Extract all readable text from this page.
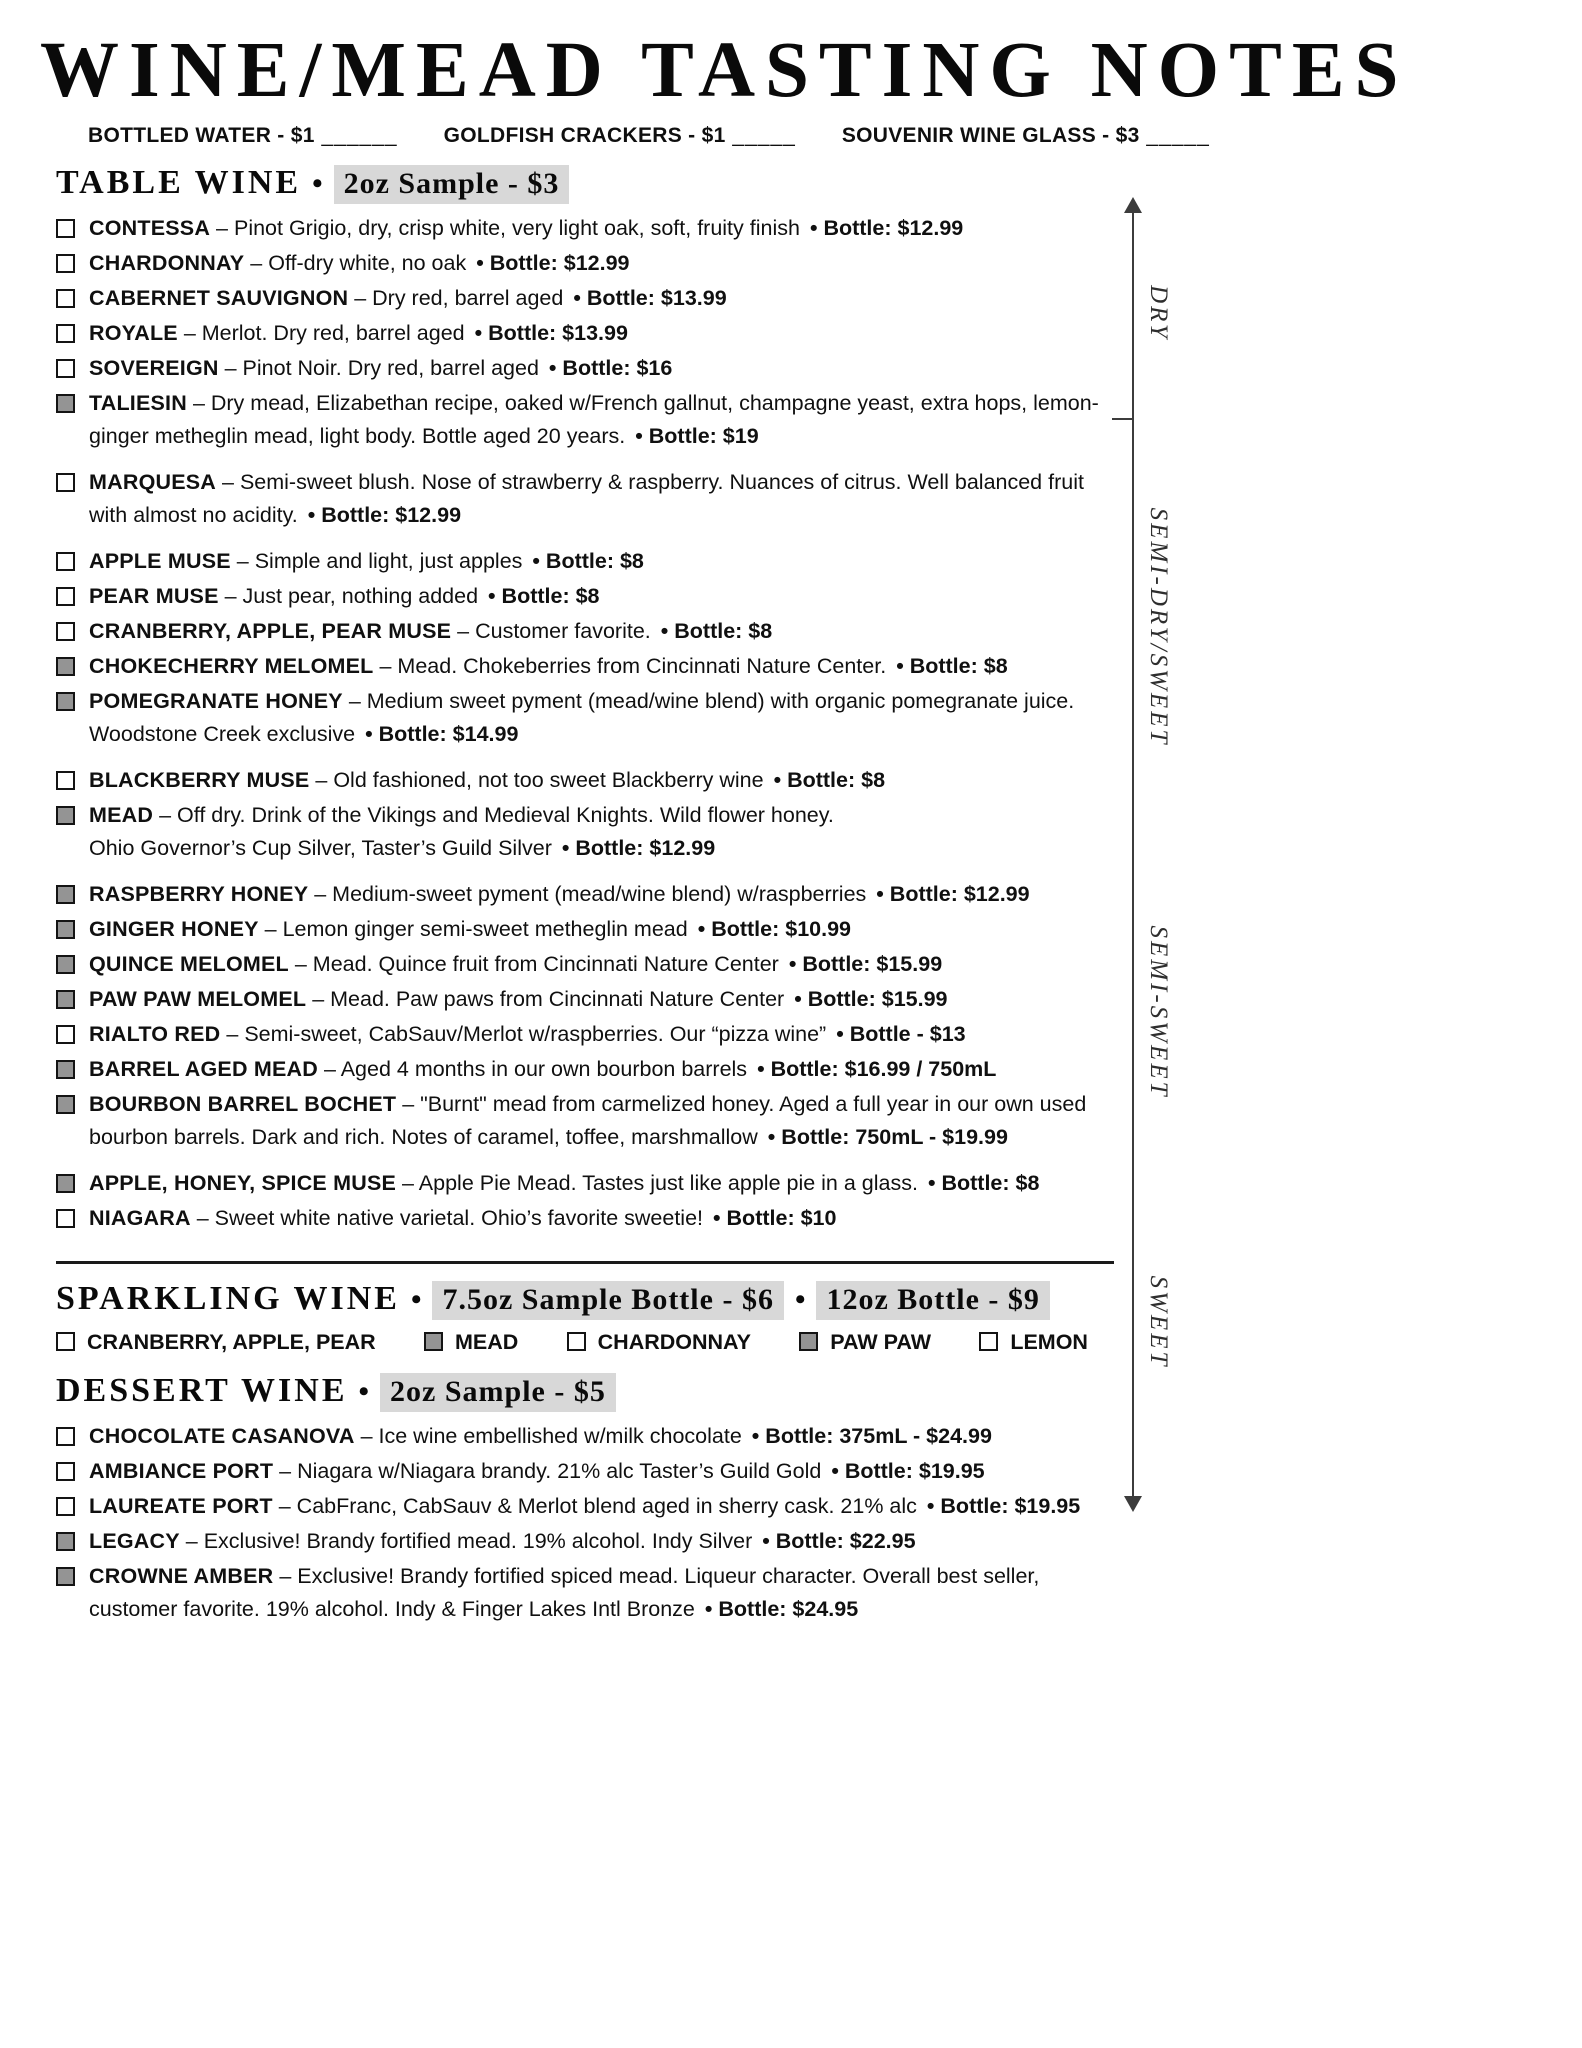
WINE/MEAD TASTING NOTES
BOTTLED WATER - $1 ______ GOLDFISH CRACKERS - $1 _____ SOUVENIR WINE GLASS - $3 _____
TABLE WINE • 2oz Sample - $3
CONTESSA – Pinot Grigio, dry, crisp white, very light oak, soft, fruity finish • Bottle: $12.99
CHARDONNAY – Off-dry white, no oak • Bottle: $12.99
CABERNET SAUVIGNON – Dry red, barrel aged • Bottle: $13.99
ROYALE – Merlot. Dry red, barrel aged • Bottle: $13.99
SOVEREIGN – Pinot Noir. Dry red, barrel aged • Bottle: $16
TALIESIN – Dry mead, Elizabethan recipe, oaked w/French gallnut, champagne yeast, extra hops, lemon-ginger metheglin mead, light body. Bottle aged 20 years. • Bottle: $19
MARQUESA – Semi-sweet blush. Nose of strawberry & raspberry. Nuances of citrus. Well balanced fruit with almost no acidity. • Bottle: $12.99
APPLE MUSE – Simple and light, just apples • Bottle: $8
PEAR MUSE – Just pear, nothing added • Bottle: $8
CRANBERRY, APPLE, PEAR MUSE – Customer favorite. • Bottle: $8
CHOKECHERRY MELOMEL – Mead. Chokeberries from Cincinnati Nature Center. • Bottle: $8
POMEGRANATE HONEY – Medium sweet pyment (mead/wine blend) with organic pomegranate juice.
Woodstone Creek exclusive • Bottle: $14.99
BLACKBERRY MUSE – Old fashioned, not too sweet Blackberry wine • Bottle: $8
MEAD – Off dry. Drink of the Vikings and Medieval Knights. Wild flower honey.
Ohio Governor’s Cup Silver, Taster’s Guild Silver • Bottle: $12.99
RASPBERRY HONEY – Medium-sweet pyment (mead/wine blend) w/raspberries • Bottle: $12.99
GINGER HONEY – Lemon ginger semi-sweet metheglin mead • Bottle: $10.99
QUINCE MELOMEL – Mead. Quince fruit from Cincinnati Nature Center • Bottle: $15.99
PAW PAW MELOMEL – Mead. Paw paws from Cincinnati Nature Center • Bottle: $15.99
RIALTO RED – Semi-sweet, CabSauv/Merlot w/raspberries. Our “pizza wine” • Bottle - $13
BARREL AGED MEAD – Aged 4 months in our own bourbon barrels • Bottle: $16.99 / 750mL
BOURBON BARREL BOCHET – "Burnt" mead from carmelized honey. Aged a full year in our own used bourbon barrels. Dark and rich. Notes of caramel, toffee, marshmallow • Bottle: 750mL - $19.99
APPLE, HONEY, SPICE MUSE – Apple Pie Mead. Tastes just like apple pie in a glass. • Bottle: $8
NIAGARA – Sweet white native varietal. Ohio’s favorite sweetie! • Bottle: $10
SPARKLING WINE • 7.5oz Sample Bottle - $6 • 12oz Bottle - $9
CRANBERRY, APPLE, PEAR	MEAD	CHARDONNAY	PAW PAW	LEMON
DESSERT WINE • 2oz Sample - $5
CHOCOLATE CASANOVA – Ice wine embellished w/milk chocolate • Bottle: 375mL - $24.99
AMBIANCE PORT – Niagara w/Niagara brandy. 21% alc Taster’s Guild Gold • Bottle: $19.95
LAUREATE PORT – CabFranc, CabSauv & Merlot blend aged in sherry cask. 21% alc • Bottle: $19.95
LEGACY – Exclusive! Brandy fortified mead. 19% alcohol. Indy Silver • Bottle: $22.95
CROWNE AMBER – Exclusive! Brandy fortified spiced mead. Liqueur character. Overall best seller, customer favorite. 19% alcohol. Indy & Finger Lakes Intl Bronze • Bottle: $24.95
DRY
SEMI-DRY/SWEET
SEMI-SWEET
SWEET
